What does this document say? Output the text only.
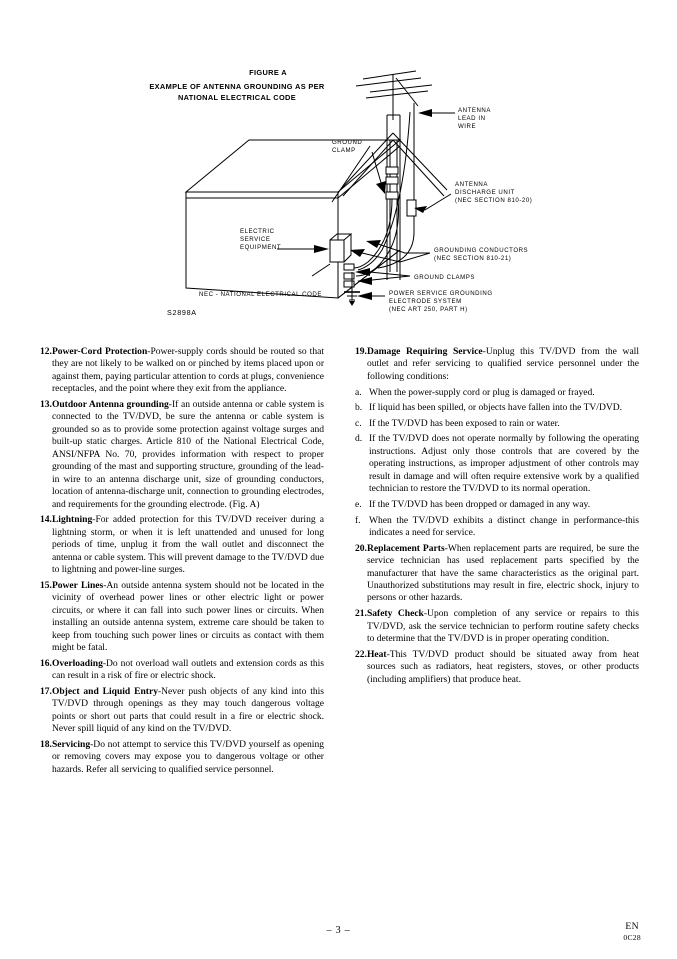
FIGURE A
EXAMPLE OF ANTENNA GROUNDING AS PER
NATIONAL ELECTRICAL CODE
ANTENNA
LEAD IN
WIRE
GROUND
CLAMP
ELECTRIC
SERVICE
EQUIPMENT
ANTENNA
DISCHARGE UNIT
(NEC SECTION 810-20)
GROUNDING CONDUCTORS
(NEC SECTION 810-21)
GROUND CLAMPS
POWER SERVICE GROUNDING
ELECTRODE SYSTEM
(NEC ART 250, PART H)
NEC - NATIONAL ELECTRICAL CODE
S2898A
12. Power-Cord Protection-Power-supply cords should be routed so that they are not likely to be walked on or pinched by items placed upon or against them, paying particular attention to cords at plugs, convenience receptacles, and the point where they exit from the appliance.
13. Outdoor Antenna grounding-If an outside antenna or cable system is connected to the TV/DVD, be sure the antenna or cable system is grounded so as to provide some protection against voltage surges and built-up static charges. Article 810 of the National Electrical Code, ANSI/NFPA No. 70, provides information with respect to proper grounding of the mast and supporting structure, grounding of the lead-in wire to an antenna discharge unit, size of grounding conductors, location of antenna-discharge unit, connection to grounding electrodes, and requirements for the grounding electrode. (Fig. A)
14. Lightning-For added protection for this TV/DVD receiver during a lightning storm, or when it is left unattended and unused for long periods of time, unplug it from the wall outlet and disconnect the antenna or cable system. This will prevent damage to the TV/DVD due to lightning and power-line surges.
15. Power Lines-An outside antenna system should not be located in the vicinity of overhead power lines or other electric light or power circuits, or where it can fall into such power lines or circuits. When installing an outside antenna system, extreme care should be taken to keep from touching such power lines or circuits as contact with them might be fatal.
16. Overloading-Do not overload wall outlets and extension cords as this can result in a risk of fire or electric shock.
17. Object and Liquid Entry-Never push objects of any kind into this TV/DVD through openings as they may touch dangerous voltage points or short out parts that could result in a fire or electric shock. Never spill liquid of any kind on the TV/DVD.
18. Servicing-Do not attempt to service this TV/DVD yourself as opening or removing covers may expose you to dangerous voltage or other hazards. Refer all servicing to qualified service personnel.
19. Damage Requiring Service-Unplug this TV/DVD from the wall outlet and refer servicing to qualified service personnel under the following conditions:
a. When the power-supply cord or plug is damaged or frayed.
b. If liquid has been spilled, or objects have fallen into the TV/DVD.
c. If the TV/DVD has been exposed to rain or water.
d. If the TV/DVD does not operate normally by following the operating instructions. Adjust only those controls that are covered by the operating instructions, as improper adjustment of other controls may result in damage and will often require extensive work by a qualified technician to restore the TV/DVD to its normal operation.
e. If the TV/DVD has been dropped or damaged in any way.
f. When the TV/DVD exhibits a distinct change in performance-this indicates a need for service.
20. Replacement Parts-When replacement parts are required, be sure the service technician has used replacement parts specified by the manufacturer that have the same characteristics as the original part. Unauthorized substitutions may result in fire, electric shock, injury to persons or other hazards.
21. Safety Check-Upon completion of any service or repairs to this TV/DVD, ask the service technician to perform routine safety checks to determine that the TV/DVD is in proper operating condition.
22. Heat-This TV/DVD product should be situated away from heat sources such as radiators, heat registers, stoves, or other products (including amplifiers) that produce heat.
– 3 –	EN
0C28
